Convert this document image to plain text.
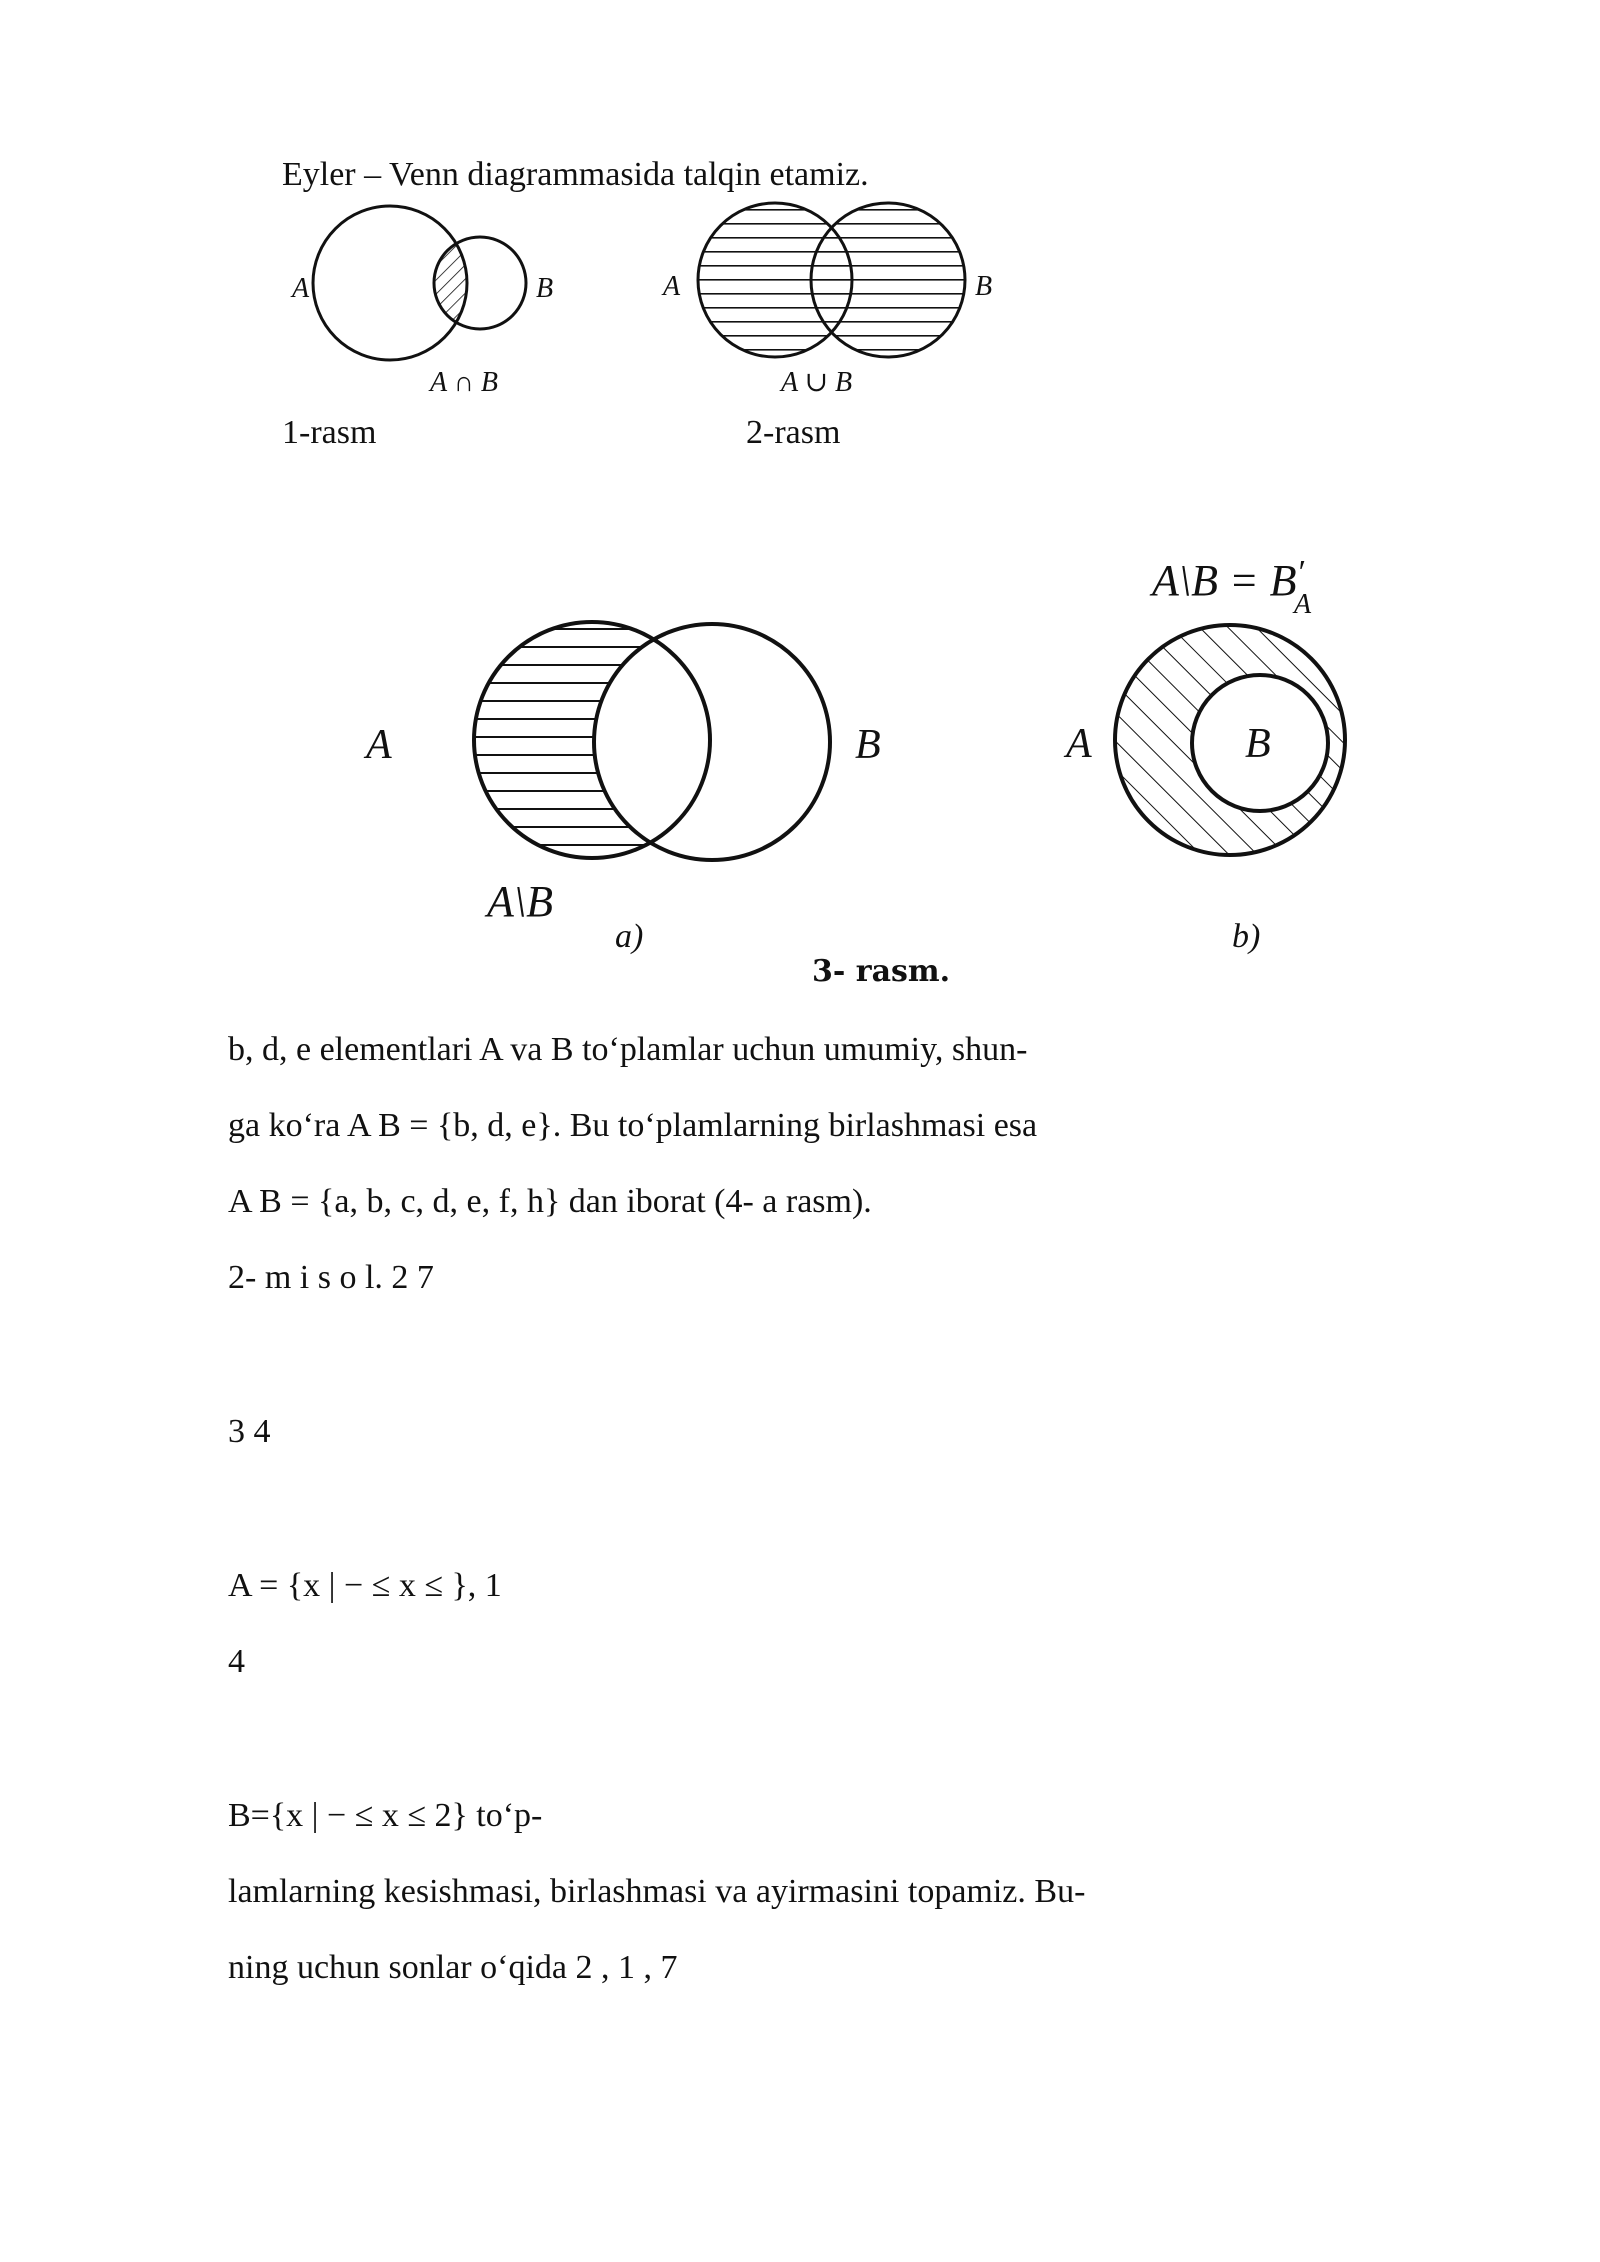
Eyler – Venn diagrammasida talqin etamiz.
A	B
A ∩ B
1-rasm
A	B
A ∪ B
2-rasm
A	B
A\B
a)
A	B
A\B = B′ A
b)
3- rasm.
b, d, e elementlari A va B to‘plamlar uchun umumiy, shun-
ga ko‘ra A B = {b, d, e}. Bu to‘plamlarning birlashmasi esa
A B = {a, b, c, d, e, f, h} dan iborat (4- a rasm).
2- m i s o l. 2 7
3 4
A = {x | − ≤ x ≤ }, 1
4
B={x | − ≤ x ≤ 2} to‘p-
lamlarning kesishmasi, birlashmasi va ayirmasini topamiz. Bu-
ning uchun sonlar o‘qida 2 , 1 , 7
